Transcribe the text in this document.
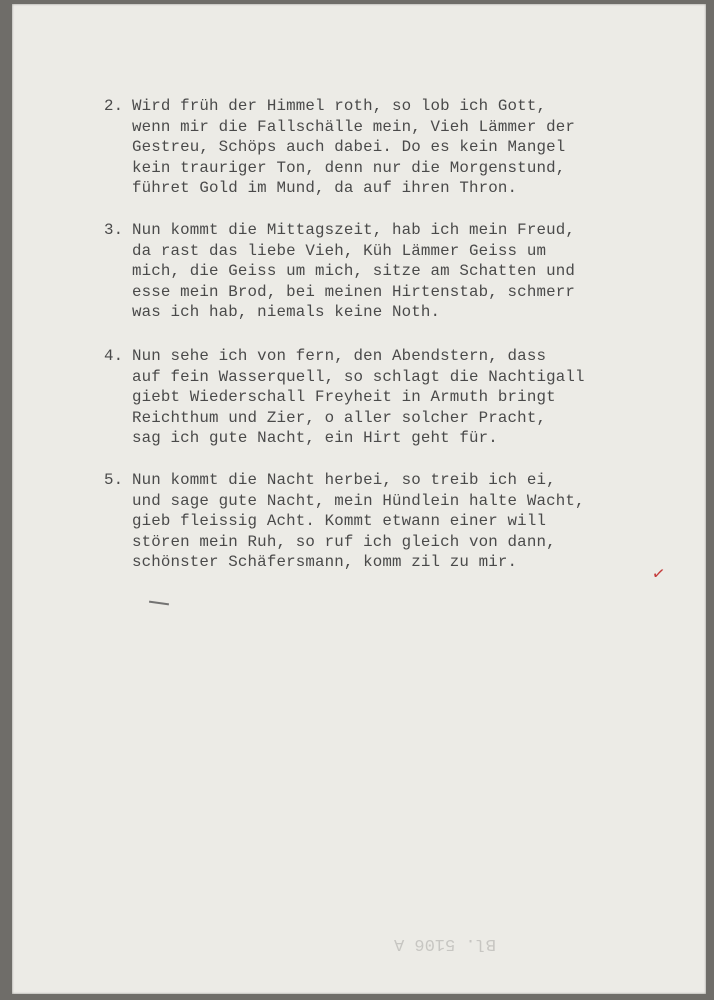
2. Wird früh der Himmel roth, so lob ich Gott,
wenn mir die Fallschälle mein, Vieh Lämmer der
Gestreu, Schöps auch dabei. Do es kein Mangel
kein trauriger Ton, denn nur die Morgenstund,
führet Gold im Mund, da auf ihren Thron.
3. Nun kommt die Mittagszeit, hab ich mein Freud,
da rast das liebe Vieh, Küh Lämmer Geiss um
mich, die Geiss um mich, sitze am Schatten und
esse mein Brod, bei meinen Hirtenstab, schmerr
was ich hab, niemals keine Noth.
4. Nun sehe ich von fern, den Abendstern, dass
auf fein Wasserquell, so schlagt die Nachtigall
giebt Wiederschall Freyheit in Armuth bringt
Reichthum und Zier, o aller solcher Pracht,
sag ich gute Nacht, ein Hirt geht für.
5. Nun kommt die Nacht herbei, so treib ich ei,
und sage gute Nacht, mein Hündlein halte Wacht,
gieb fleissig Acht. Kommt etwann einer will
stören mein Ruh, so ruf ich gleich von dann,
schönster Schäfersmann, komm zil zu mir.
✓
Bl. 5106 A
